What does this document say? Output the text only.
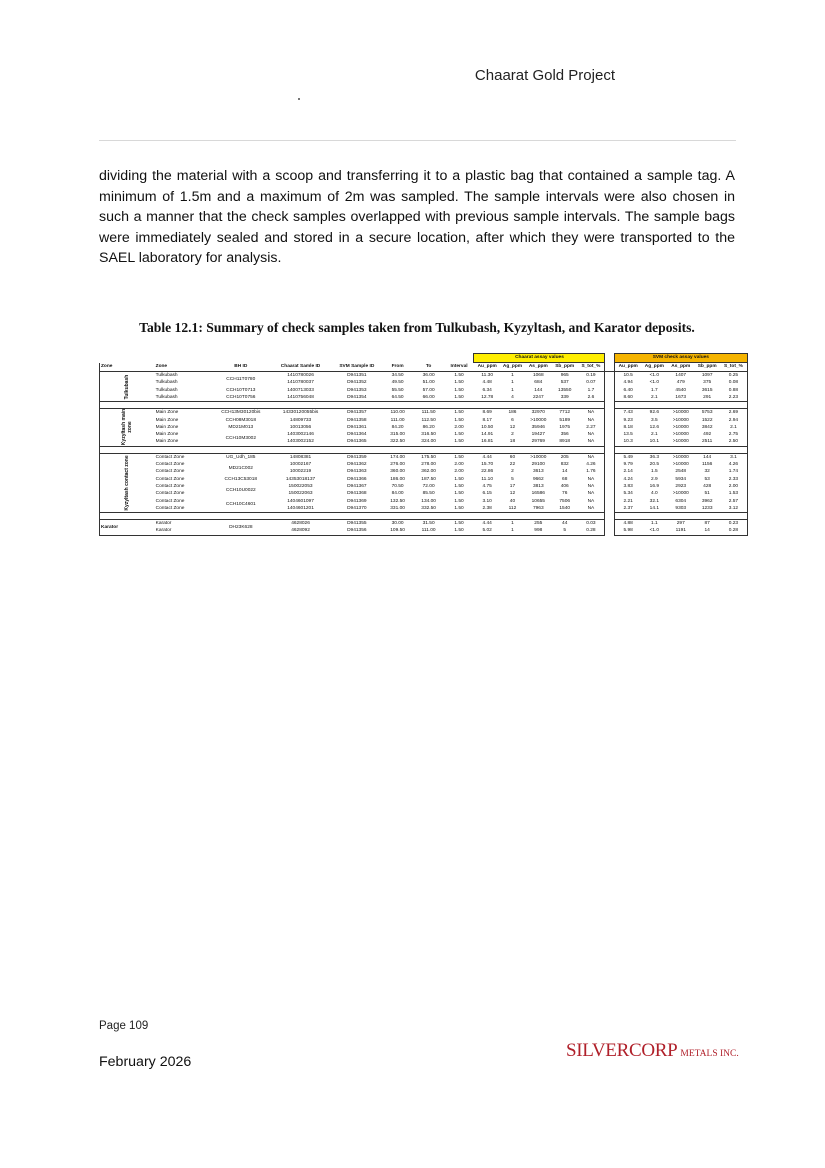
Chaarat Gold Project

dividing the material with a scoop and transferring it to a plastic bag that contained a sample tag. A minimum of 1.5m and a maximum of 2m was sampled. The sample intervals were also chosen in such a manner that the check samples overlapped with previous sample intervals. The sample bags were immediately sealed and stored in a secure location, after which they were transported to the SAEL laboratory for analysis.

Table 12.1: Summary of check samples taken from Tulkubash, Kyzyltash, and Karator deposits.

								Chaarat assay values						SVM check assay values				
Zone	Zone	BH ID	Chaarat Samle ID	SVM Sample ID	From	To	Interval	Au_ppm	Ag_ppm	As_ppm	Sb_ppm	S_tot_%		Au_ppm	Ag_ppm	As_ppm	Sb_ppm	S_tot_%

Tulkubash	Tulkubash	CCH11T0780	1410780026	D941351	34.50	36.00	1.50	11.30	1	1068	965	0.19		10.5	<1.0	1407	1097	0.25
	Tulkubash		1410780037	D941352	49.50	51.00	1.50	4.48	1	684	537	0.07		4.94	<1.0	479	375	0.08
	Tulkubash	CCH10T0713	1400713033	D941353	55.50	57.00	1.50	6.34	1	144	13550	1.7		6.40	1.7	4540	3615	0.88
	Tulkubash	CCH10T0756	1410756048	D941354	64.50	66.00	1.50	12.78	4	2247	339	2.6		8.60	2.1	1673	291	2.23

Kyzyltash main zone	Main Zone	CCH13M30120bis	14330120055bis	D941357	110.00	111.50	1.50	8.69	186	32970	7712	NA		7.43	92.6	>10000	5753	2.69
	Main Zone	CCH08M3018	14809733	D941358	111.00	112.50	1.50	8.17	6	>10000	5189	NA		9.23	3.5	>10000	1522	2.94
	Main Zone	MD21M013	10013056	D941361	84.20	86.20	2.00	10.50	12	35946	1975	2.27		8.18	12.6	>10000	3842	2.1
	Main Zone	CCH10M3002	1403002146	D941364	315.00	316.50	1.50	14.91	2	19427	356	NA		13.5	2.1	>10000	492	2.75
	Main Zone		1403002152	D941365	322.50	324.00	1.50	16.81	18	29769	8918	NA		10.3	10.1	>10000	2511	2.50

Kyzyltash contact zone	Contact Zone	UG_Udh_185	14808381	D941359	174.00	175.50	1.50	4.44	60	>10000	205	NA		5.49	36.3	>10000	144	3.1
	Contact Zone	MD21C002	10002167	D941362	276.00	278.00	2.00	15.70	22	29100	832	4.26		9.79	20.5	>10000	1156	4.26
	Contact Zone		10002219	D941363	360.00	362.00	2.00	22.86	2	3613	14	1.76		2.14	1.5	2548	32	1.74
	Contact Zone	CCH13C53018	14353018137	D941366	186.00	187.50	1.50	11.10	5	9662	68	NA		4.24	2.9	5934	53	2.33
	Contact Zone	CCH10U0022	150022053	D941367	70.50	72.00	1.50	4.75	17	3813	406	NA		3.83	16.9	2923	428	2.00
	Contact Zone		150022063	D941368	84.00	85.50	1.50	6.15	12	16586	76	NA		5.34	4.0	>10000	51	1.53
	Contact Zone	CCH10C4601	1404601097	D941369	132.50	134.00	1.50	3.10	40	10655	7506	NA		2.21	32.1	6304	3962	2.57
	Contact Zone		1404601201	D941370	331.00	332.50	1.50	2.38	112	7963	1540	NA		2.37	14.1	9303	1233	3.12

Karator	Karator	DH23K628	4628026	D941355	30.00	31.50	1.50	4.44	1	255	44	0.03		4.88	1.1	297	87	0.23
	Karator		4628092	D941356	109.50	111.00	1.50	5.02	1	998	5	0.28		5.98	<1.0	1191	14	0.28
Page 109
February 2026
SILVERCORP METALS INC.
